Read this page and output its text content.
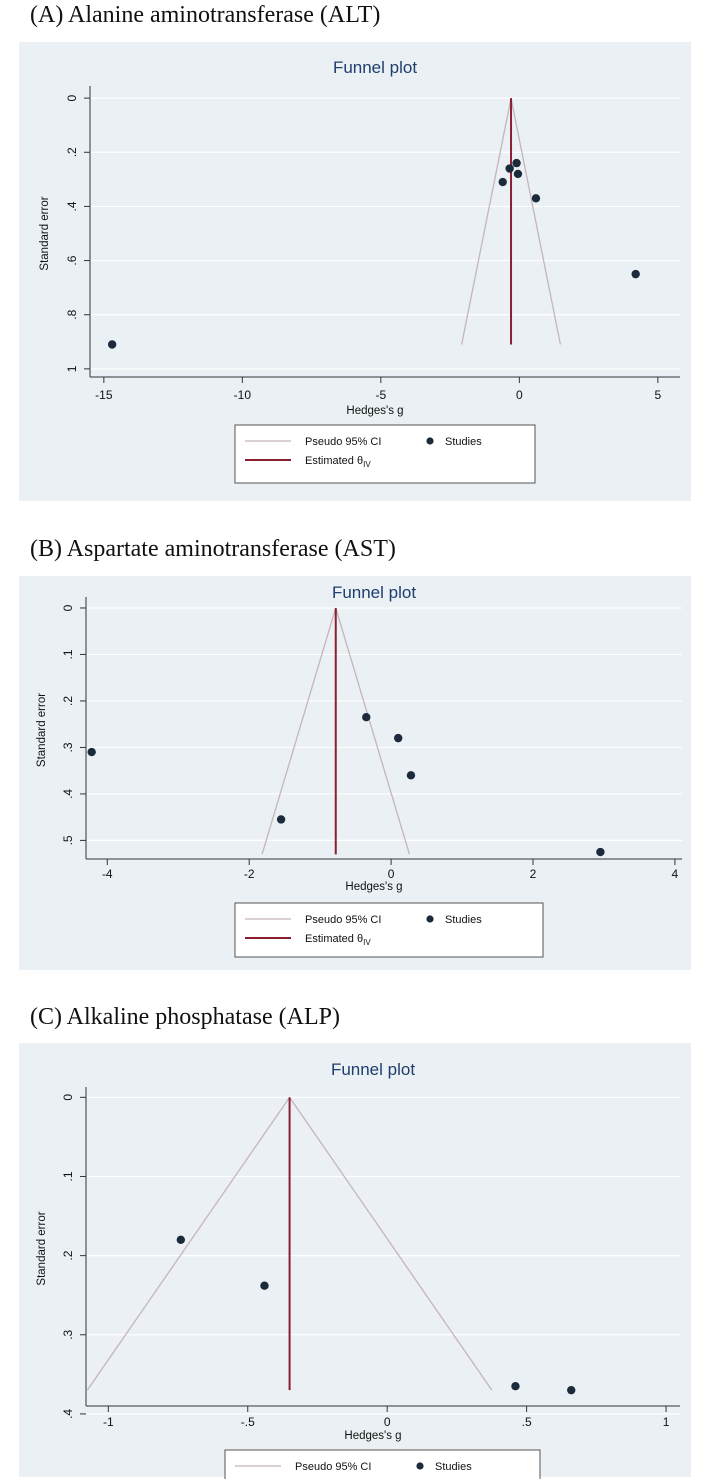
(A) Alanine aminotransferase (ALT)
Funnel plot
0
.2
.4
.6
.8
1
-15	-10	-5	0	5
Hedges's g
Standard error
Pseudo 95% CI	Studies
Estimated $\theta_{IV}$
(B) Aspartate aminotransferase (AST)
Funnel plot
0
.1
.2
.3
.4
.5
-4	-2	0	2	4
Hedges's g
Standard error
Pseudo 95% CI	Studies
Estimated $\theta_{IV}$
(C) Alkaline phosphatase (ALP)
Funnel plot
0
.1
.2
.3
.4
-1	-.5	0	.5	1
Hedges's g
Standard error
Pseudo 95% CI	Studies
